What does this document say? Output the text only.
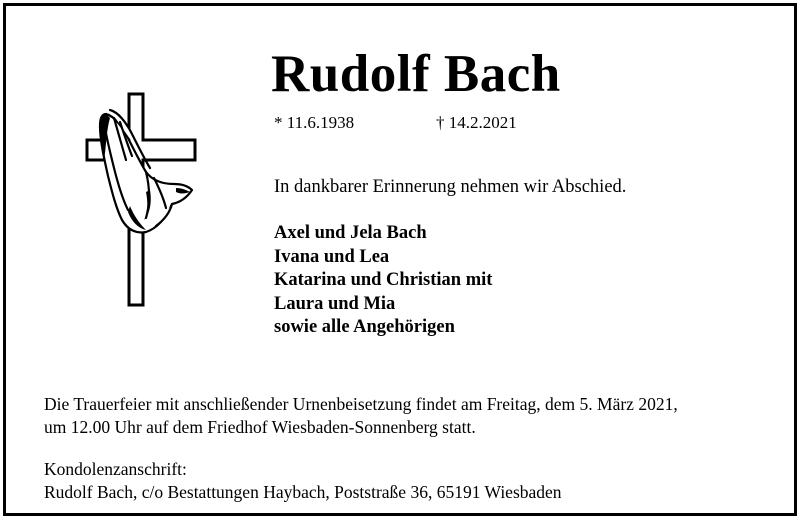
Rudolf Bach
* 11.6.1938	† 14.2.2021
In dankbarer Erinnerung nehmen wir Abschied.
Axel und Jela Bach
Ivana und Lea
Katarina und Christian mit
Laura und Mia
sowie alle Angehörigen
Die Trauerfeier mit anschließender Urnenbeisetzung findet am Freitag, dem 5. März 2021,
um 12.00 Uhr auf dem Friedhof Wiesbaden-Sonnenberg statt.
Kondolenzanschrift:
Rudolf Bach, c/o Bestattungen Haybach, Poststraße 36, 65191 Wiesbaden
